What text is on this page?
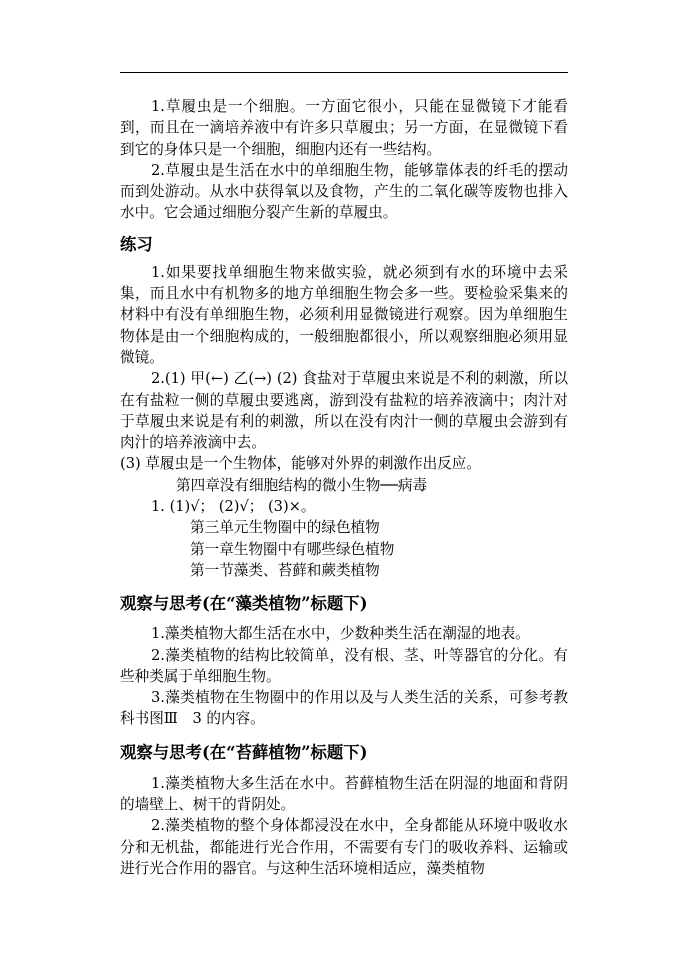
1.草履虫是一个细胞。一方面它很小，只能在显微镜下才能看到，而且在一滴培养液中有许多只草履虫；另一方面，在显微镜下看到它的身体只是一个细胞，细胞内还有一些结构。

2.草履虫是生活在水中的单细胞生物，能够靠体表的纤毛的摆动而到处游动。从水中获得氧以及食物，产生的二氧化碳等废物也排入水中。它会通过细胞分裂产生新的草履虫。

练习

1.如果要找单细胞生物来做实验，就必须到有水的环境中去采集，而且水中有机物多的地方单细胞生物会多一些。要检验采集来的材料中有没有单细胞生物，必须利用显微镜进行观察。因为单细胞生物体是由一个细胞构成的，一般细胞都很小，所以观察细胞必须用显微镜。

2.(1) 甲(←) 乙(→) (2) 食盐对于草履虫来说是不利的刺激，所以在有盐粒一侧的草履虫要逃离，游到没有盐粒的培养液滴中；肉汁对于草履虫来说是有利的刺激，所以在没有肉汁一侧的草履虫会游到有肉汁的培养液滴中去。

(3) 草履虫是一个生物体，能够对外界的刺激作出反应。

第四章没有细胞结构的微小生物──病毒
1. (1)√； (2)√； (3)×。
第三单元生物圈中的绿色植物
第一章生物圈中有哪些绿色植物
第一节藻类、苔藓和蕨类植物
观察与思考(在“藻类植物”标题下)

1.藻类植物大都生活在水中，少数种类生活在潮湿的地表。

2.藻类植物的结构比较简单，没有根、茎、叶等器官的分化。有些种类属于单细胞生物。

3.藻类植物在生物圈中的作用以及与人类生活的关系，可参考教科书图Ⅲ　3 的内容。

观察与思考(在“苔藓植物”标题下)

1.藻类植物大多生活在水中。苔藓植物生活在阴湿的地面和背阴的墙壁上、树干的背阴处。

2.藻类植物的整个身体都浸没在水中，全身都能从环境中吸收水分和无机盐，都能进行光合作用，不需要有专门的吸收养料、运输或进行光合作用的器官。与这种生活环境相适应，藻类植物
